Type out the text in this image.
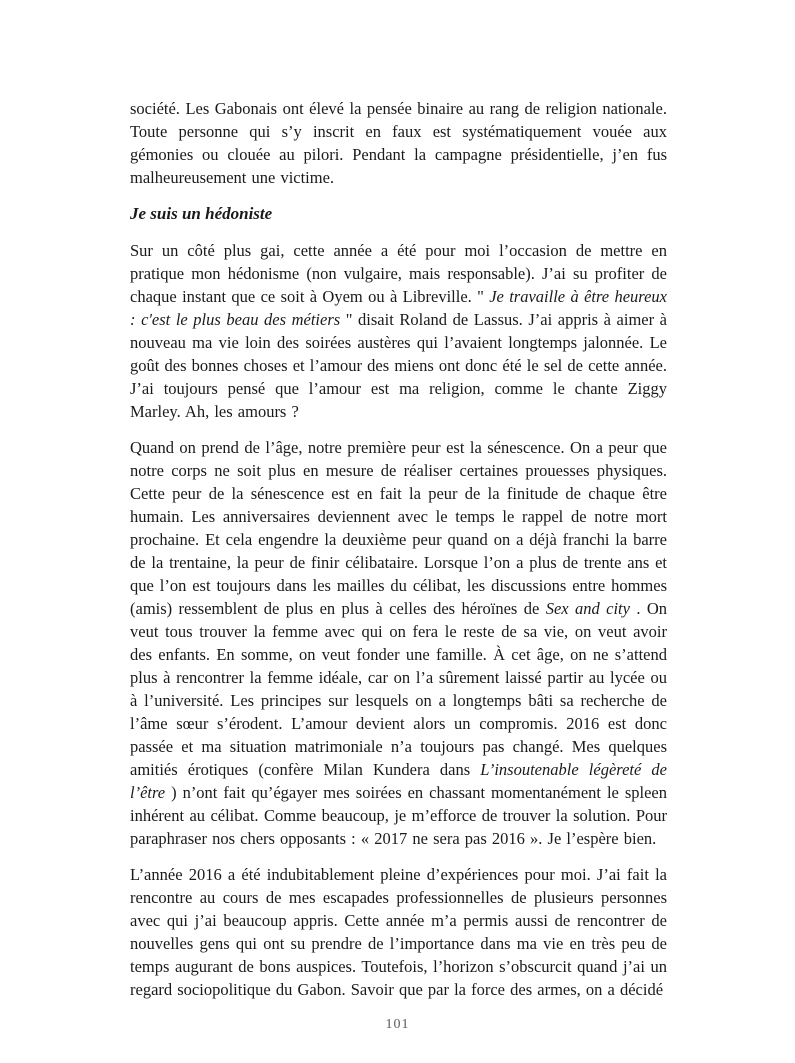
société. Les Gabonais ont élevé la pensée binaire au rang de religion nationale. Toute personne qui s’y inscrit en faux est systématiquement vouée aux gémonies ou clouée au pilori. Pendant la campagne présidentielle, j’en fus malheureusement une victime.

Je suis un hédoniste

Sur un côté plus gai, cette année a été pour moi l’occasion de mettre en pratique mon hédonisme (non vulgaire, mais responsable). J’ai su profiter de chaque instant que ce soit à Oyem ou à Libreville. " Je travaille à être heureux : c'est le plus beau des métiers " disait Roland de Lassus. J’ai appris à aimer à nouveau ma vie loin des soirées austères qui l’avaient longtemps jalonnée. Le goût des bonnes choses et l’amour des miens ont donc été le sel de cette année. J’ai toujours pensé que l’amour est ma religion, comme le chante Ziggy Marley. Ah, les amours ?

Quand on prend de l’âge, notre première peur est la sénescence. On a peur que notre corps ne soit plus en mesure de réaliser certaines prouesses physiques. Cette peur de la sénescence est en fait la peur de la finitude de chaque être humain. Les anniversaires deviennent avec le temps le rappel de notre mort prochaine. Et cela engendre la deuxième peur quand on a déjà franchi la barre de la trentaine, la peur de finir célibataire. Lorsque l’on a plus de trente ans et que l’on est toujours dans les mailles du célibat, les discussions entre hommes (amis) ressemblent de plus en plus à celles des héroïnes de Sex and city . On veut tous trouver la femme avec qui on fera le reste de sa vie, on veut avoir des enfants. En somme, on veut fonder une famille. À cet âge, on ne s’attend plus à rencontrer la femme idéale, car on l’a sûrement laissé partir au lycée ou à l’université. Les principes sur lesquels on a longtemps bâti sa recherche de l’âme sœur s’érodent. L’amour devient alors un compromis. 2016 est donc passée et ma situation matrimoniale n’a toujours pas changé. Mes quelques amitiés érotiques (confère Milan Kundera dans L’insoutenable légèreté de l’être ) n’ont fait qu’égayer mes soirées en chassant momentanément le spleen inhérent au célibat. Comme beaucoup, je m’efforce de trouver la solution. Pour paraphraser nos chers opposants : « 2017 ne sera pas 2016 ». Je l’espère bien.

L’année 2016 a été indubitablement pleine d’expériences pour moi. J’ai fait la rencontre au cours de mes escapades professionnelles de plusieurs personnes avec qui j’ai beaucoup appris. Cette année m’a permis aussi de rencontrer de nouvelles gens qui ont su prendre de l’importance dans ma vie en très peu de temps augurant de bons auspices. Toutefois, l’horizon s’obscurcit quand j’ai un regard sociopolitique du Gabon. Savoir que par la force des armes, on a décidé

101
